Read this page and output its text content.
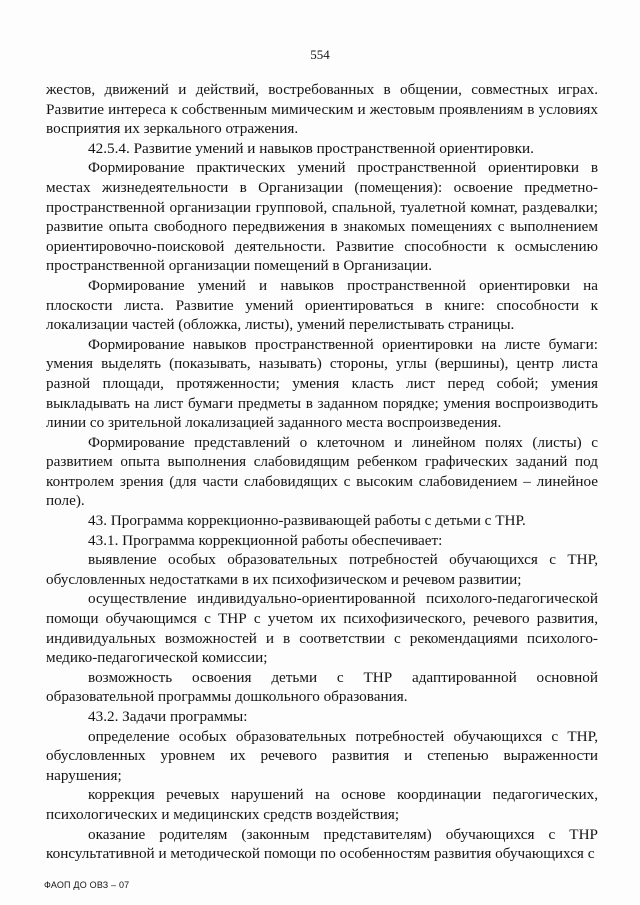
554

жестов, движений и действий, востребованных в общении, совместных играх. Развитие интереса к собственным мимическим и жестовым проявлениям в условиях восприятия их зеркального отражения.

42.5.4. Развитие умений и навыков пространственной ориентировки.

Формирование практических умений пространственной ориентировки в местах жизнедеятельности в Организации (помещения): освоение предметно-пространственной организации групповой, спальной, туалетной комнат, раздевалки; развитие опыта свободного передвижения в знакомых помещениях с выполнением ориентировочно-поисковой деятельности. Развитие способности к осмыслению пространственной организации помещений в Организации.

Формирование умений и навыков пространственной ориентировки на плоскости листа. Развитие умений ориентироваться в книге: способности к локализации частей (обложка, листы), умений перелистывать страницы.

Формирование навыков пространственной ориентировки на листе бумаги: умения выделять (показывать, называть) стороны, углы (вершины), центр листа разной площади, протяженности; умения класть лист перед собой; умения выкладывать на лист бумаги предметы в заданном порядке; умения воспроизводить линии со зрительной локализацией заданного места воспроизведения.

Формирование представлений о клеточном и линейном полях (листы) с развитием опыта выполнения слабовидящим ребенком графических заданий под контролем зрения (для части слабовидящих с высоким слабовидением – линейное поле).

43. Программа коррекционно-развивающей работы с детьми с ТНР.

43.1. Программа коррекционной работы обеспечивает:

выявление особых образовательных потребностей обучающихся с ТНР, обусловленных недостатками в их психофизическом и речевом развитии;

осуществление индивидуально-ориентированной психолого-педагогической помощи обучающимся с ТНР с учетом их психофизического, речевого развития, индивидуальных возможностей и в соответствии с рекомендациями психолого-медико-педагогической комиссии;

возможность освоения детьми с ТНР адаптированной основной образовательной программы дошкольного образования.

43.2. Задачи программы:

определение особых образовательных потребностей обучающихся с ТНР, обусловленных уровнем их речевого развития и степенью выраженности нарушения;

коррекция речевых нарушений на основе координации педагогических, психологических и медицинских средств воздействия;

оказание родителям (законным представителям) обучающихся с ТНР консультативной и методической помощи по особенностям развития обучающихся с

ФАОП ДО ОВЗ – 07
